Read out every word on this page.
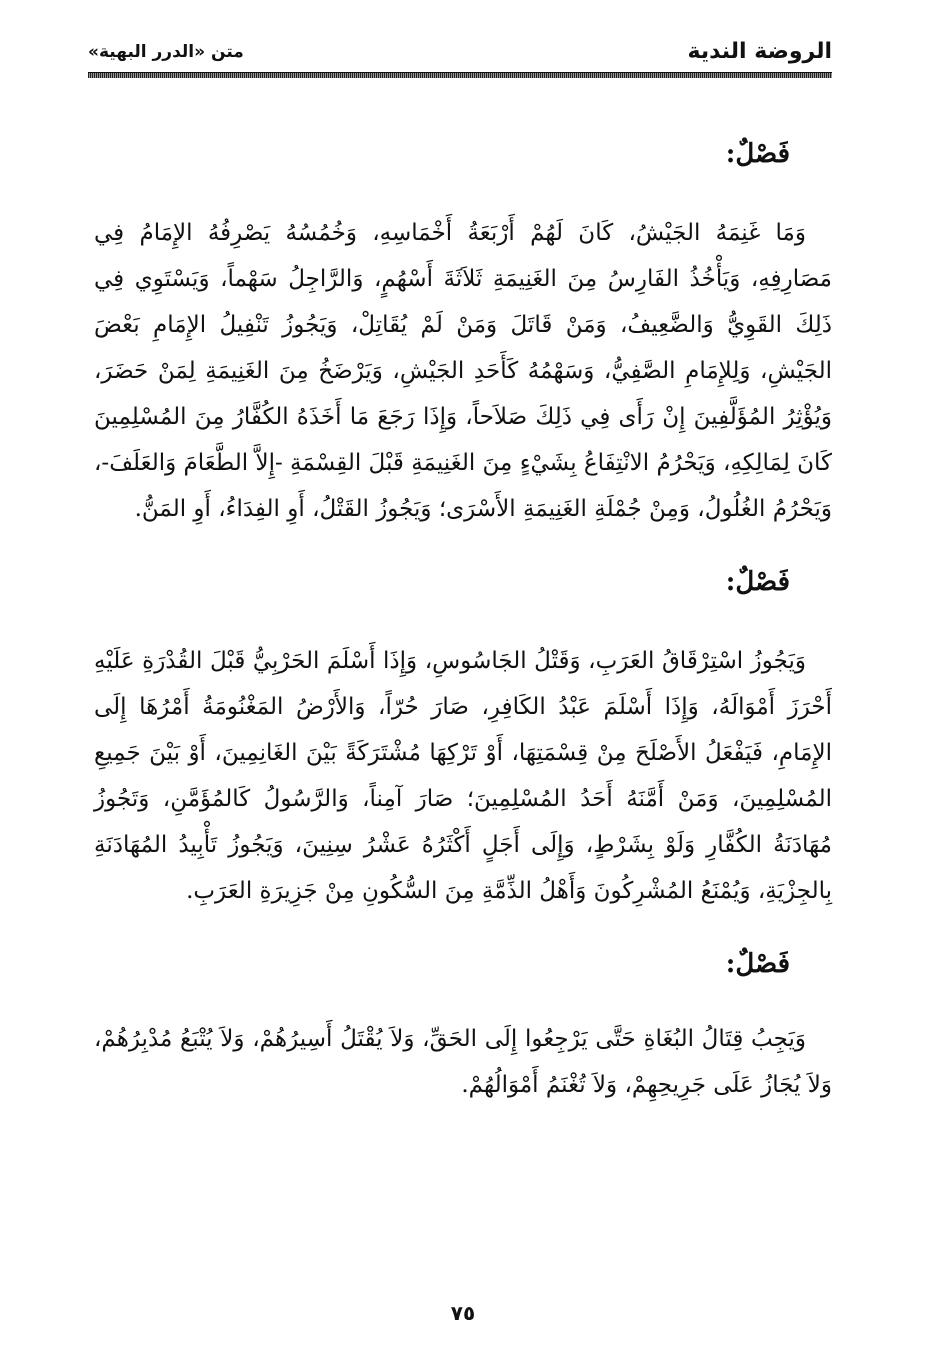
الروضة الندية
متن «الدرر البهية»
فَصْلٌ:

وَمَا غَنِمَهُ الجَيْشُ، كَانَ لَهُمْ أَرْبَعَةُ أَخْمَاسِهِ، وَخُمُسُهُ يَصْرِفُهُ الإِمَامُ فِي مَصَارِفِهِ، وَيَأْخُذُ الفَارِسُ مِنَ الغَنِيمَةِ ثَلاَثَةَ أَسْهُمٍ، وَالرَّاجِلُ سَهْماً، وَيَسْتَوِي فِي ذَلِكَ القَوِيُّ وَالضَّعِيفُ، وَمَنْ قَاتَلَ وَمَنْ لَمْ يُقَاتِلْ، وَيَجُوزُ تَنْفِيلُ الإِمَامِ بَعْضَ الجَيْشِ، وَلِلإِمَامِ الصَّفِيُّ، وَسَهْمُهُ كَأَحَدِ الجَيْشِ، وَيَرْضَخُ مِنَ الغَنِيمَةِ لِمَنْ حَضَرَ، وَيُؤْثِرُ المُؤَلَّفِينَ إِنْ رَأَى فِي ذَلِكَ صَلاَحاً، وَإِذَا رَجَعَ مَا أَخَذَهُ الكُفَّارُ مِنَ المُسْلِمِينَ كَانَ لِمَالِكِهِ، وَيَحْرُمُ الانْتِفَاعُ بِشَيْءٍ مِنَ الغَنِيمَةِ قَبْلَ القِسْمَةِ -إِلاَّ الطَّعَامَ وَالعَلَفَ-، وَيَحْرُمُ الغُلُولُ، وَمِنْ جُمْلَةِ الغَنِيمَةِ الأَسْرَى؛ وَيَجُوزُ القَتْلُ، أَوِ الفِدَاءُ، أَوِ المَنُّ.

فَصْلٌ:

وَيَجُوزُ اسْتِرْقَاقُ العَرَبِ، وَقَتْلُ الجَاسُوسِ، وَإِذَا أَسْلَمَ الحَرْبِيُّ قَبْلَ القُدْرَةِ عَلَيْهِ أَحْرَزَ أَمْوَالَهُ، وَإِذَا أَسْلَمَ عَبْدُ الكَافِرِ، صَارَ حُرّاً، وَالأَرْضُ المَغْنُومَةُ أَمْرُهَا إِلَى الإِمَامِ، فَيَفْعَلُ الأَصْلَحَ مِنْ قِسْمَتِهَا، أَوْ تَرْكِهَا مُشْتَرَكَةً بَيْنَ الغَانِمِينَ، أَوْ بَيْنَ جَمِيعِ المُسْلِمِينَ، وَمَنْ أَمَّنَهُ أَحَدُ المُسْلِمِينَ؛ صَارَ آمِناً، وَالرَّسُولُ كَالمُؤَمَّنِ، وَتَجُوزُ مُهَادَنَةُ الكُفَّارِ وَلَوْ بِشَرْطٍ، وَإِلَى أَجَلٍ أَكْثَرُهُ عَشْرُ سِنِينَ، وَيَجُوزُ تَأْبِيدُ المُهَادَنَةِ بِالجِزْيَةِ، وَيُمْنَعُ المُشْرِكُونَ وَأَهْلُ الذِّمَّةِ مِنَ السُّكُونِ مِنْ جَزِيرَةِ العَرَبِ.

فَصْلٌ:

وَيَجِبُ قِتَالُ البُغَاةِ حَتَّى يَرْجِعُوا إِلَى الحَقِّ، وَلاَ يُقْتَلُ أَسِيرُهُمْ، وَلاَ يُتْبَعُ مُدْبِرُهُمْ، وَلاَ يُجَازُ عَلَى جَرِيحِهِمْ، وَلاَ تُغْنَمُ أَمْوَالُهُمْ.

٧٥
